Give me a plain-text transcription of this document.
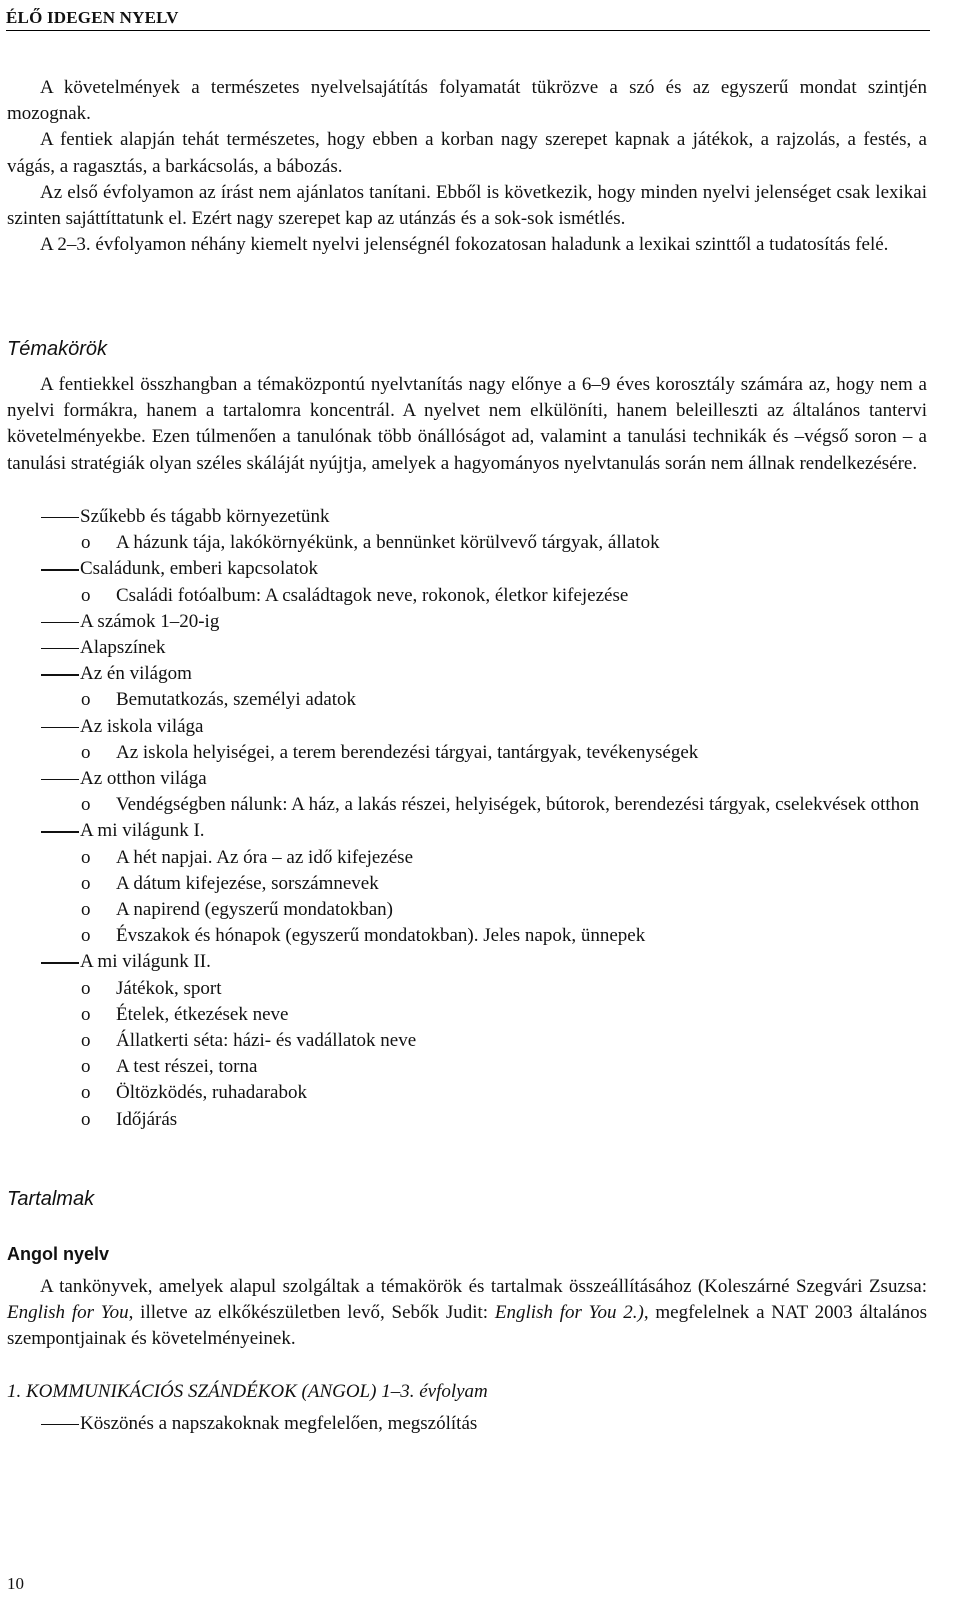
ÉLŐ IDEGEN NYELV

A követelmények a természetes nyelvelsajátítás folyamatát tükrözve a szó és az egyszerű mondat szintjén mozognak.

A fentiek alapján tehát természetes, hogy ebben a korban nagy szerepet kapnak a játékok, a rajzolás, a festés, a vágás, a ragasztás, a barkácsolás, a bábozás.

Az első évfolyamon az írást nem ajánlatos tanítani. Ebből is következik, hogy minden nyelvi jelenséget csak lexikai szinten sajáttíttatunk el. Ezért nagy szerepet kap az utánzás és a sok-sok ismétlés.

A 2–3. évfolyamon néhány kiemelt nyelvi jelenségnél fokozatosan haladunk a lexikai szinttől a tudatosítás felé.

Témakörök

A fentiekkel összhangban a témaközpontú nyelvtanítás nagy előnye a 6–9 éves korosztály számára az, hogy nem a nyelvi formákra, hanem a tartalomra koncentrál. A nyelvet nem elkülöníti, hanem beleilleszti az általános tantervi követelményekbe. Ezen túlmenően a tanulónak több önállóságot ad, valamint a tanulási technikák és –végső soron – a tanulási stratégiák olyan széles skáláját nyújtja, amelyek a hagyományos nyelvtanulás során nem állnak rendelkezésére.

Szűkebb és tágabb környezetünk
o	A házunk tája, lakókörnyékünk, a bennünket körülvevő tárgyak, állatok
Családunk, emberi kapcsolatok
o	Családi fotóalbum: A családtagok neve, rokonok, életkor kifejezése
A számok 1–20-ig
Alapszínek
Az én világom
o	Bemutatkozás, személyi adatok
Az iskola világa
o	Az iskola helyiségei, a terem berendezési tárgyai, tantárgyak, tevékenységek
Az otthon világa
o	Vendégségben nálunk: A ház, a lakás részei, helyiségek, bútorok, berendezési tárgyak, cselekvések otthon
A mi világunk I.
o	A hét napjai. Az óra – az idő kifejezése
o	A dátum kifejezése, sorszámnevek
o	A napirend (egyszerű mondatokban)
o	Évszakok és hónapok (egyszerű mondatokban). Jeles napok, ünnepek
A mi világunk II.
o	Játékok, sport
o	Ételek, étkezések neve
o	Állatkerti séta: házi- és vadállatok neve
o	A test részei, torna
o	Öltözködés, ruhadarabok
o	Időjárás
Tartalmak
Angol nyelv

A tankönyvek, amelyek alapul szolgáltak a témakörök és tartalmak összeállításához (Koleszárné Szegvári Zsuzsa: English for You, illetve az elkőkészületben levő, Sebők Judit: English for You 2.), megfelelnek a NAT 2003 általános szempontjainak és követelményeinek.

1. KOMMUNIKÁCIÓS SZÁNDÉKOK (ANGOL) 1–3. évfolyam

Köszönés a napszakoknak megfelelően, megszólítás
10
